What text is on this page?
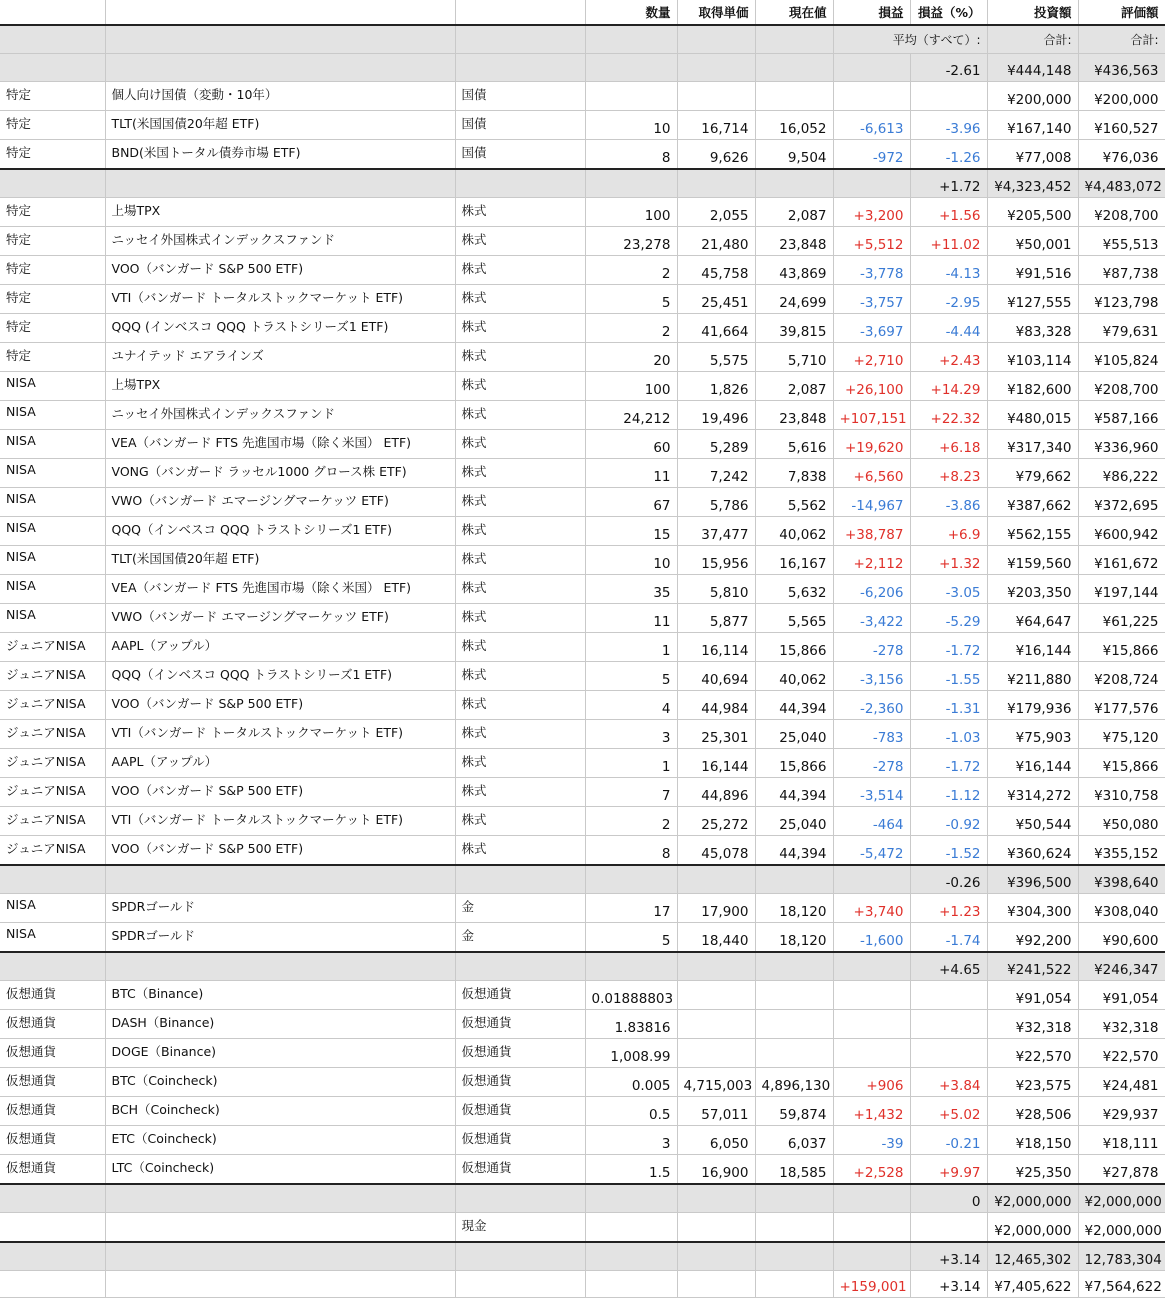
			数量	取得単価	現在値	損益	損益（%）	投資額	評価額
						平均（すべて）:		合計:	合計:
							-2.61	¥444,148	¥436,563
特定	個人向け国債（変動・10年）	国債						¥200,000	¥200,000
特定	TLT(米国国債20年超 ETF)	国債	10	16,714	16,052	-6,613	-3.96	¥167,140	¥160,527
特定	BND(米国トータル債券市場 ETF)	国債	8	9,626	9,504	-972	-1.26	¥77,008	¥76,036
							+1.72	¥4,323,452	¥4,483,072
特定	上場TPX	株式	100	2,055	2,087	+3,200	+1.56	¥205,500	¥208,700
特定	ニッセイ外国株式インデックスファンド	株式	23,278	21,480	23,848	+5,512	+11.02	¥50,001	¥55,513
特定	VOO（バンガード S&P 500 ETF)	株式	2	45,758	43,869	-3,778	-4.13	¥91,516	¥87,738
特定	VTI（バンガード トータルストックマーケット ETF)	株式	5	25,451	24,699	-3,757	-2.95	¥127,555	¥123,798
特定	QQQ (インベスコ QQQ トラストシリーズ1 ETF)	株式	2	41,664	39,815	-3,697	-4.44	¥83,328	¥79,631
特定	ユナイテッド エアラインズ	株式	20	5,575	5,710	+2,710	+2.43	¥103,114	¥105,824
NISA	上場TPX	株式	100	1,826	2,087	+26,100	+14.29	¥182,600	¥208,700
NISA	ニッセイ外国株式インデックスファンド	株式	24,212	19,496	23,848	+107,151	+22.32	¥480,015	¥587,166
NISA	VEA（バンガード FTS 先進国市場（除く米国） ETF)	株式	60	5,289	5,616	+19,620	+6.18	¥317,340	¥336,960
NISA	VONG（バンガード ラッセル1000 グロース株 ETF)	株式	11	7,242	7,838	+6,560	+8.23	¥79,662	¥86,222
NISA	VWO（バンガード エマージングマーケッツ ETF)	株式	67	5,786	5,562	-14,967	-3.86	¥387,662	¥372,695
NISA	QQQ（インベスコ QQQ トラストシリーズ1 ETF)	株式	15	37,477	40,062	+38,787	+6.9	¥562,155	¥600,942
NISA	TLT(米国国債20年超 ETF)	株式	10	15,956	16,167	+2,112	+1.32	¥159,560	¥161,672
NISA	VEA（バンガード FTS 先進国市場（除く米国） ETF)	株式	35	5,810	5,632	-6,206	-3.05	¥203,350	¥197,144
NISA	VWO（バンガード エマージングマーケッツ ETF)	株式	11	5,877	5,565	-3,422	-5.29	¥64,647	¥61,225
ジュニアNISA	AAPL（アップル）	株式	1	16,114	15,866	-278	-1.72	¥16,144	¥15,866
ジュニアNISA	QQQ（インベスコ QQQ トラストシリーズ1 ETF)	株式	5	40,694	40,062	-3,156	-1.55	¥211,880	¥208,724
ジュニアNISA	VOO（バンガード S&P 500 ETF)	株式	4	44,984	44,394	-2,360	-1.31	¥179,936	¥177,576
ジュニアNISA	VTI（バンガード トータルストックマーケット ETF)	株式	3	25,301	25,040	-783	-1.03	¥75,903	¥75,120
ジュニアNISA	AAPL（アップル）	株式	1	16,144	15,866	-278	-1.72	¥16,144	¥15,866
ジュニアNISA	VOO（バンガード S&P 500 ETF)	株式	7	44,896	44,394	-3,514	-1.12	¥314,272	¥310,758
ジュニアNISA	VTI（バンガード トータルストックマーケット ETF)	株式	2	25,272	25,040	-464	-0.92	¥50,544	¥50,080
ジュニアNISA	VOO（バンガード S&P 500 ETF)	株式	8	45,078	44,394	-5,472	-1.52	¥360,624	¥355,152
							-0.26	¥396,500	¥398,640
NISA	SPDRゴールド	金	17	17,900	18,120	+3,740	+1.23	¥304,300	¥308,040
NISA	SPDRゴールド	金	5	18,440	18,120	-1,600	-1.74	¥92,200	¥90,600
							+4.65	¥241,522	¥246,347
仮想通貨	BTC（Binance)	仮想通貨	0.01888803					¥91,054	¥91,054
仮想通貨	DASH（Binance)	仮想通貨	1.83816					¥32,318	¥32,318
仮想通貨	DOGE（Binance)	仮想通貨	1,008.99					¥22,570	¥22,570
仮想通貨	BTC（Coincheck)	仮想通貨	0.005	4,715,003	4,896,130	+906	+3.84	¥23,575	¥24,481
仮想通貨	BCH（Coincheck)	仮想通貨	0.5	57,011	59,874	+1,432	+5.02	¥28,506	¥29,937
仮想通貨	ETC（Coincheck)	仮想通貨	3	6,050	6,037	-39	-0.21	¥18,150	¥18,111
仮想通貨	LTC（Coincheck)	仮想通貨	1.5	16,900	18,585	+2,528	+9.97	¥25,350	¥27,878
							0	¥2,000,000	¥2,000,000
		現金						¥2,000,000	¥2,000,000
							+3.14	12,465,302	12,783,304
						+159,001	+3.14	¥7,405,622	¥7,564,622
